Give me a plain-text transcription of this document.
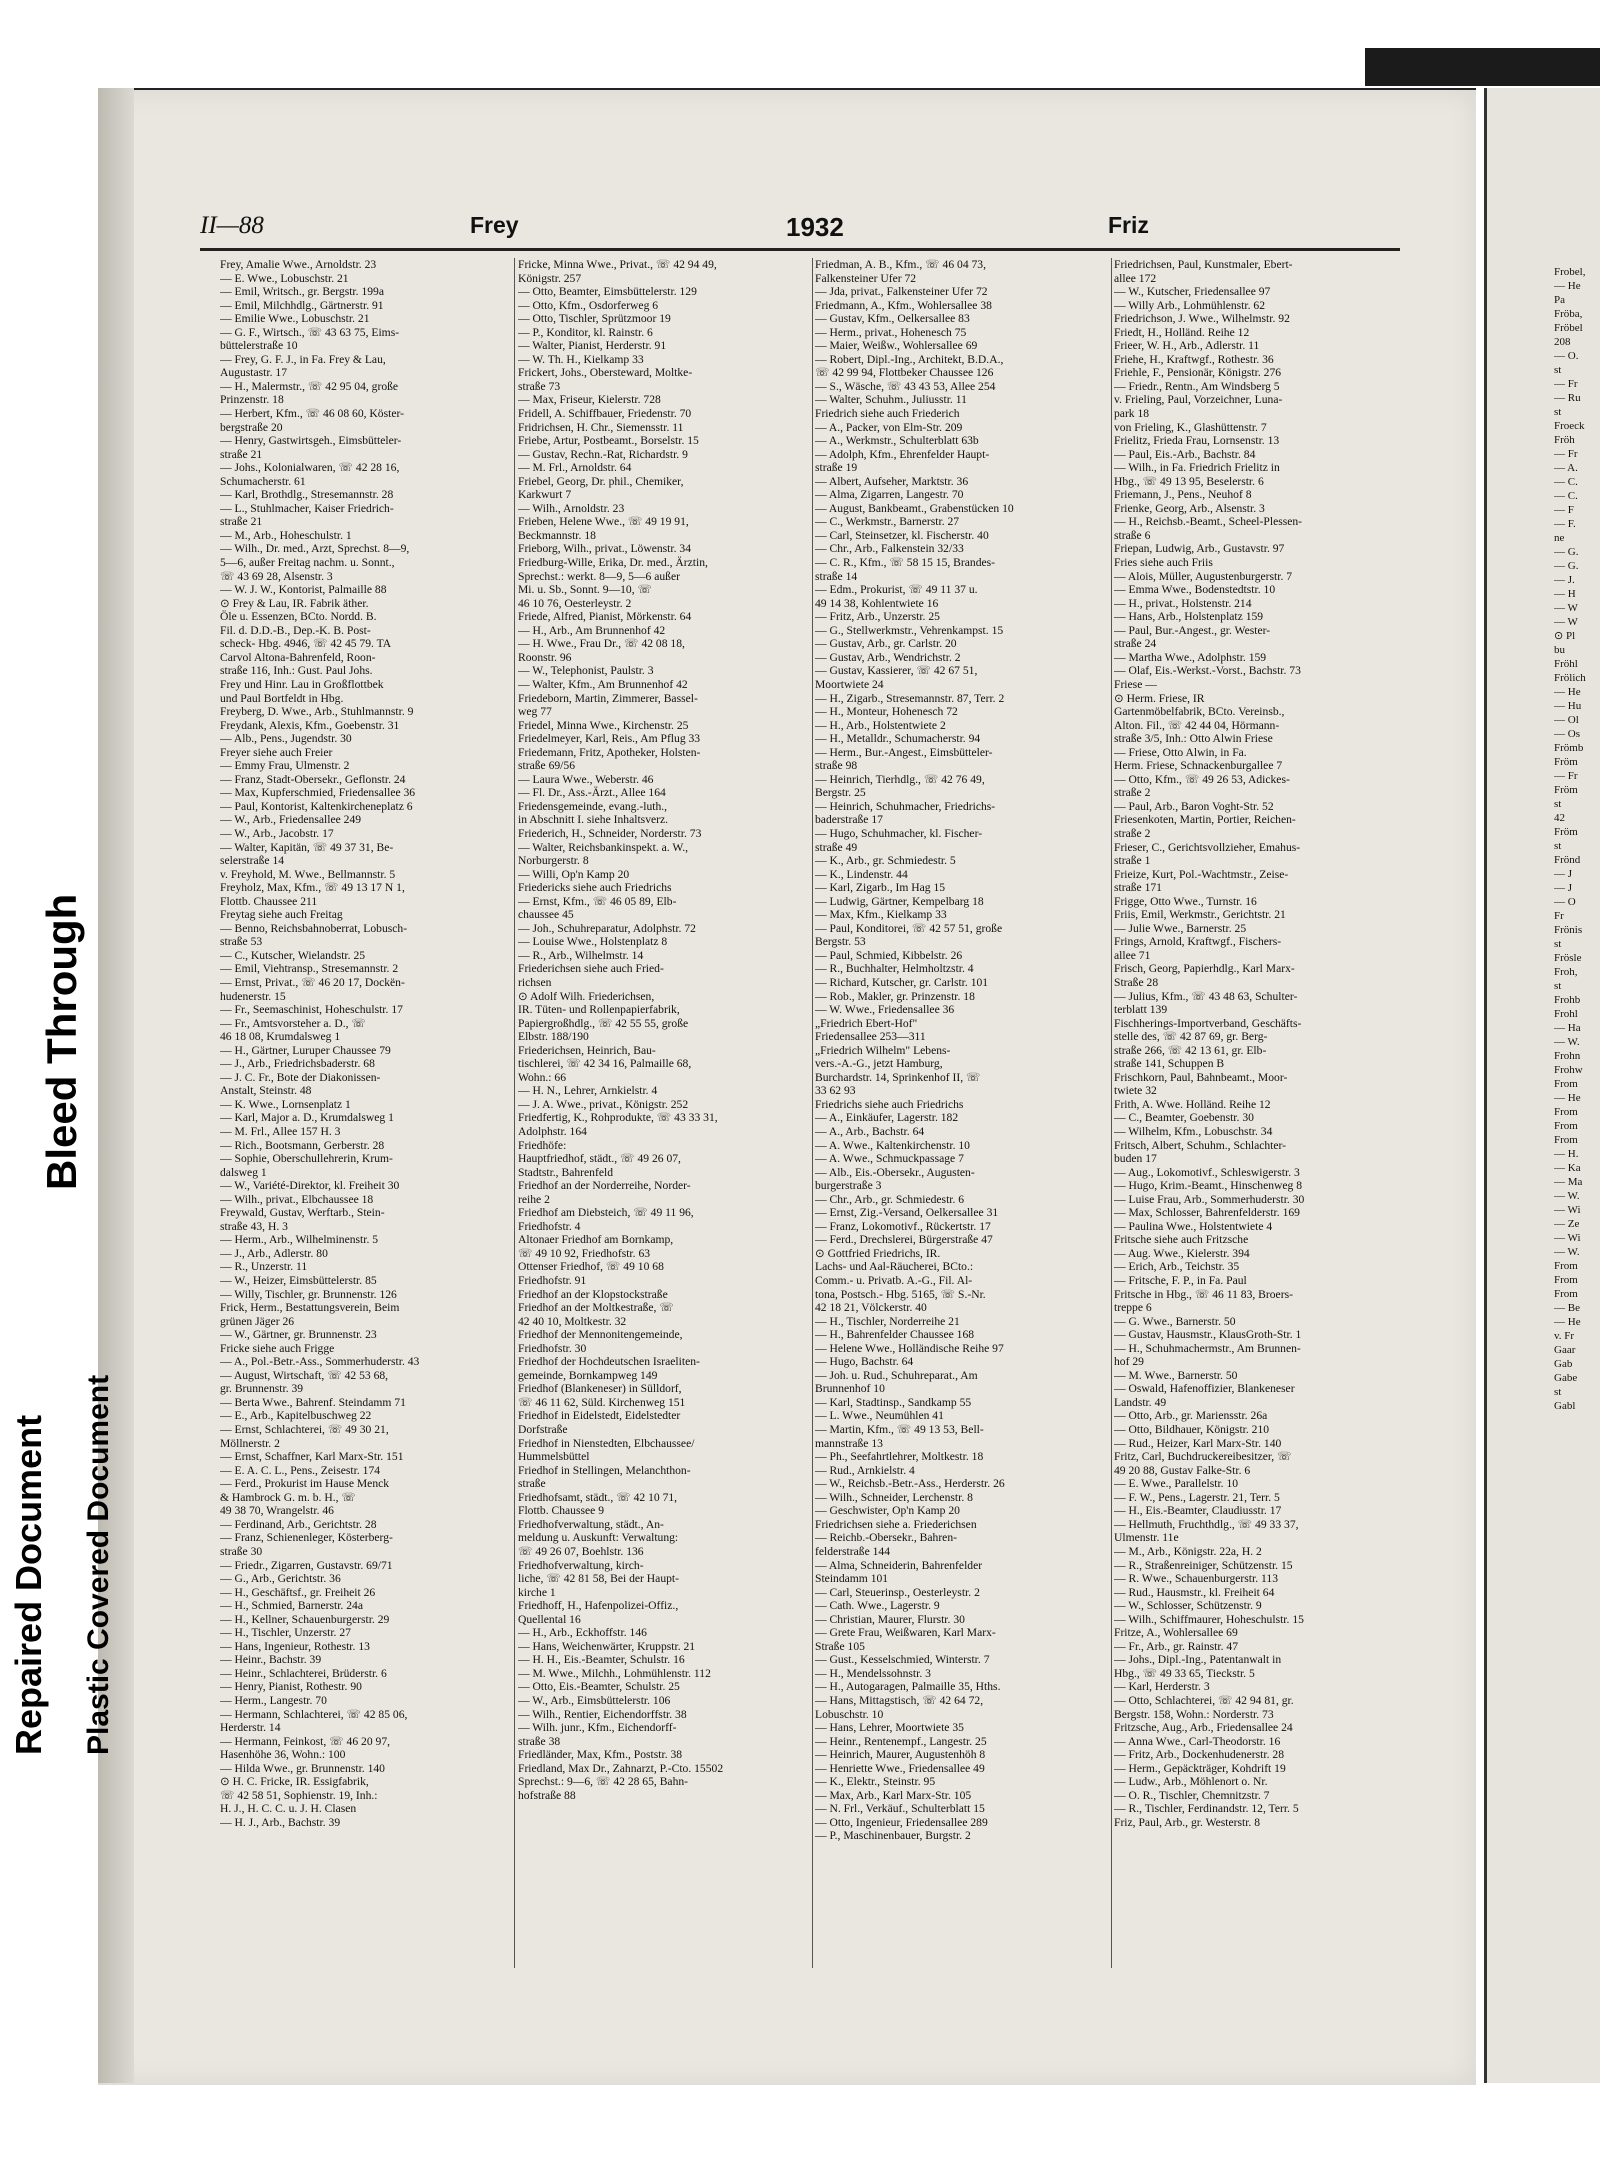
Frobel,
— He
Pa
Fröba,
Fröbel
208
— O.
st
— Fr
— Ru
st
Froeck
Fröh
— Fr
— A.
— C.
— C.
— F
— F.
ne
— G.
— G.
— J.
— H
— W
— W
⊙ Pl
bu
Fröhl
Frölich
— He
— Hu
— Ol
— Os
Frömb
Fröm
— Fr
Fröm
st
42
Fröm
st
Frönd
— J
— J
— O
Fr
Frönis
st
Frösle
Froh,
st
Frohb
Frohl
— Ha
— W.
Frohn
Frohw
From
— He
From
From
From
— H.
— Ka
— Ma
— W.
— Wi
— Ze
— Wi
— W.
From
From
From
— Be
— He
v. Fr
Gaar
Gab
Gabe
st
Gabl
Repaired Document Plastic Covered Document
Bleed Through
II—88	Frey	1932	Friz
Frey, Amalie Wwe., Arnoldstr. 23
— E. Wwe., Lobuschstr. 21
— Emil, Writsch., gr. Bergstr. 199a
— Emil, Milchhdlg., Gärtnerstr. 91
— Emilie Wwe., Lobuschstr. 21
— G. F., Wirtsch., ☏ 43 63 75, Eims-
büttelerstraße 10
— Frey, G. F. J., in Fa. Frey & Lau,
Augustastr. 17
— H., Malermstr., ☏ 42 95 04, große
Prinzenstr. 18
— Herbert, Kfm., ☏ 46 08 60, Köster-
bergstraße 20
— Henry, Gastwirtsgeh., Eimsbütteler-
straße 21
— Johs., Kolonialwaren, ☏ 42 28 16,
Schumacherstr. 61
— Karl, Brothdlg., Stresemannstr. 28
— L., Stuhlmacher, Kaiser Friedrich-
straße 21
— M., Arb., Hoheschulstr. 1
— Wilh., Dr. med., Arzt, Sprechst. 8—9,
5—6, außer Freitag nachm. u. Sonnt.,
☏ 43 69 28, Alsenstr. 3
— W. J. W., Kontorist, Palmaille 88
⊙ Frey & Lau, IR. Fabrik äther.
Öle u. Essenzen, BCto. Nordd. B.
Fil. d. D.D.-B., Dep.-K. B. Post-
scheck- Hbg. 4946, ☏ 42 45 79. TA
Carvol Altona-Bahrenfeld, Roon-
straße 116, Inh.: Gust. Paul Johs.
Frey und Hinr. Lau in Großflottbek
und Paul Bortfeldt in Hbg.
Freyberg, D. Wwe., Arb., Stuhlmannstr. 9
Freydank, Alexis, Kfm., Goebenstr. 31
— Alb., Pens., Jugendstr. 30
Freyer siehe auch Freier
— Emmy Frau, Ulmenstr. 2
— Franz, Stadt-Obersekr., Geflonstr. 24
— Max, Kupferschmied, Friedensallee 36
— Paul, Kontorist, Kaltenkircheneplatz 6
— W., Arb., Friedensallee 249
— W., Arb., Jacobstr. 17
— Walter, Kapitän, ☏ 49 37 31, Be-
selerstraße 14
v. Freyhold, M. Wwe., Bellmannstr. 5
Freyholz, Max, Kfm., ☏ 49 13 17 N 1,
Flottb. Chaussee 211
Freytag siehe auch Freitag
— Benno, Reichsbahnoberrat, Lobusch-
straße 53
— C., Kutscher, Wielandstr. 25
— Emil, Viehtransp., Stresemannstr. 2
— Ernst, Privat., ☏ 46 20 17, Dockën-
hudenerstr. 15
— Fr., Seemaschinist, Hoheschulstr. 17
— Fr., Amtsvorsteher a. D., ☏
46 18 08, Krumdalsweg 1
— H., Gärtner, Luruper Chaussee 79
— J., Arb., Friedrichsbaderstr. 68
— J. C. Fr., Bote der Diakonissen-
Anstalt, Steinstr. 48
— K. Wwe., Lornsenplatz 1
— Karl, Major a. D., Krumdalsweg 1
— M. Frl., Allee 157 H. 3
— Rich., Bootsmann, Gerberstr. 28
— Sophie, Oberschullehrerin, Krum-
dalsweg 1
— W., Variété-Direktor, kl. Freiheit 30
— Wilh., privat., Elbchaussee 18
Freywald, Gustav, Werftarb., Stein-
straße 43, H. 3
— Herm., Arb., Wilhelminenstr. 5
— J., Arb., Adlerstr. 80
— R., Unzerstr. 11
— W., Heizer, Eimsbüttelerstr. 85
— Willy, Tischler, gr. Brunnenstr. 126
Frick, Herm., Bestattungsverein, Beim
grünen Jäger 26
— W., Gärtner, gr. Brunnenstr. 23
Fricke siehe auch Frigge
— A., Pol.-Betr.-Ass., Sommerhuderstr. 43
— August, Wirtschaft, ☏ 42 53 68,
gr. Brunnenstr. 39
— Berta Wwe., Bahrenf. Steindamm 71
— E., Arb., Kapitelbuschweg 22
— Ernst, Schlachterei, ☏ 49 30 21,
Möllnerstr. 2
— Ernst, Schaffner, Karl Marx-Str. 151
— E. A. C. L., Pens., Zeisestr. 174
— Ferd., Prokurist im Hause Menck
& Hambrock G. m. b. H., ☏
49 38 70, Wrangelstr. 46
— Ferdinand, Arb., Gerichtstr. 28
— Franz, Schienenleger, Kösterberg-
straße 30
— Friedr., Zigarren, Gustavstr. 69/71
— G., Arb., Gerichtstr. 36
— H., Geschäftsf., gr. Freiheit 26
— H., Schmied, Barnerstr. 24a
— H., Kellner, Schauenburgerstr. 29
— H., Tischler, Unzerstr. 27
— Hans, Ingenieur, Rothestr. 13
— Heinr., Bachstr. 39
— Heinr., Schlachterei, Brüderstr. 6
— Henry, Pianist, Rothestr. 90
— Herm., Langestr. 70
— Hermann, Schlachterei, ☏ 42 85 06,
Herderstr. 14
— Hermann, Feinkost, ☏ 46 20 97,
Hasenhöhe 36, Wohn.: 100
— Hilda Wwe., gr. Brunnenstr. 140
⊙ H. C. Fricke, IR. Essigfabrik,
☏ 42 58 51, Sophienstr. 19, Inh.:
H. J., H. C. C. u. J. H. Clasen
— H. J., Arb., Bachstr. 39
Fricke, Minna Wwe., Privat., ☏ 42 94 49,
Königstr. 257
— Otto, Beamter, Eimsbüttelerstr. 129
— Otto, Kfm., Osdorferweg 6
— Otto, Tischler, Sprützmoor 19
— P., Konditor, kl. Rainstr. 6
— Walter, Pianist, Herderstr. 91
— W. Th. H., Kielkamp 33
Frickert, Johs., Obersteward, Moltke-
straße 73
— Max, Friseur, Kielerstr. 728
Fridell, A. Schiffbauer, Friedenstr. 70
Fridrichsen, H. Chr., Siemensstr. 11
Friebe, Artur, Postbeamt., Borselstr. 15
— Gustav, Rechn.-Rat, Richardstr. 9
— M. Frl., Arnoldstr. 64
Friebel, Georg, Dr. phil., Chemiker,
Karkwurt 7
— Wilh., Arnoldstr. 23
Frieben, Helene Wwe., ☏ 49 19 91,
Beckmannstr. 18
Frieborg, Wilh., privat., Löwenstr. 34
Friedburg-Wille, Erika, Dr. med., Ärztin,
Sprechst.: werkt. 8—9, 5—6 außer
Mi. u. Sb., Sonnt. 9—10, ☏
46 10 76, Oesterleystr. 2
Friede, Alfred, Pianist, Mörkenstr. 64
— H., Arb., Am Brunnenhof 42
— H. Wwe., Frau Dr., ☏ 42 08 18,
Roonstr. 96
— W., Telephonist, Paulstr. 3
— Walter, Kfm., Am Brunnenhof 42
Friedeborn, Martin, Zimmerer, Bassel-
weg 77
Friedel, Minna Wwe., Kirchenstr. 25
Friedelmeyer, Karl, Reis., Am Pflug 33
Friedemann, Fritz, Apotheker, Holsten-
straße 69/56
— Laura Wwe., Weberstr. 46
— Fl. Dr., Ass.-Ärzt., Allee 164
Friedensgemeinde, evang.-luth.,
in Abschnitt I. siehe Inhaltsverz.
Friederich, H., Schneider, Norderstr. 73
— Walter, Reichsbankinspekt. a. W.,
Norburgerstr. 8
— Willi, Op'n Kamp 20
Friedericks siehe auch Friedrichs
— Ernst, Kfm., ☏ 46 05 89, Elb-
chaussee 45
— Joh., Schuhreparatur, Adolphstr. 72
— Louise Wwe., Holstenplatz 8
— R., Arb., Wilhelmstr. 14
Friederichsen siehe auch Fried-
richsen
⊙ Adolf Wilh. Friederichsen,
IR. Tüten- und Rollenpapierfabrik,
Papiergroßhdlg., ☏ 42 55 55, große
Elbstr. 188/190
Friederichsen, Heinrich, Bau-
tischlerei, ☏ 42 34 16, Palmaille 68,
Wohn.: 66
— H. N., Lehrer, Arnkielstr. 4
— J. A. Wwe., privat., Königstr. 252
Friedfertig, K., Rohprodukte, ☏ 43 33 31,
Adolphstr. 164
Friedhöfe:
Hauptfriedhof, städt., ☏ 49 26 07,
Stadtstr., Bahrenfeld
Friedhof an der Norderreihe, Norder-
reihe 2
Friedhof am Diebsteich, ☏ 49 11 96,
Friedhofstr. 4
Altonaer Friedhof am Bornkamp,
☏ 49 10 92, Friedhofstr. 63
Ottenser Friedhof, ☏ 49 10 68
Friedhofstr. 91
Friedhof an der Klopstockstraße
Friedhof an der Moltkestraße, ☏
42 40 10, Moltkestr. 32
Friedhof der Mennonitengemeinde,
Friedhofstr. 30
Friedhof der Hochdeutschen Israeliten-
gemeinde, Bornkampweg 149
Friedhof (Blankeneser) in Sülldorf,
☏ 46 11 62, Süld. Kirchenweg 151
Friedhof in Eidelstedt, Eidelstedter
Dorfstraße
Friedhof in Nienstedten, Elbchaussee/
Hummelsbüttel
Friedhof in Stellingen, Melanchthon-
straße
Friedhofsamt, städt., ☏ 42 10 71,
Flottb. Chaussee 9
Friedhofverwaltung, städt., An-
meldung u. Auskunft: Verwaltung:
☏ 49 26 07, Boehlstr. 136
Friedhofverwaltung, kirch-
liche, ☏ 42 81 58, Bei der Haupt-
kirche 1
Friedhoff, H., Hafenpolizei-Offiz.,
Quellental 16
— H., Arb., Eckhoffstr. 146
— Hans, Weichenwärter, Kruppstr. 21
— H. H., Eis.-Beamter, Schulstr. 16
— M. Wwe., Milchh., Lohmühlenstr. 112
— Otto, Eis.-Beamter, Schulstr. 25
— W., Arb., Eimsbüttelerstr. 106
— Wilh., Rentier, Eichendorffstr. 38
— Wilh. junr., Kfm., Eichendorff-
straße 38
Friedländer, Max, Kfm., Poststr. 38
Friedland, Max Dr., Zahnarzt, P.-Cto. 15502
Sprechst.: 9—6, ☏ 42 28 65, Bahn-
hofstraße 88
Friedman, A. B., Kfm., ☏ 46 04 73,
Falkensteiner Ufer 72
— Jda, privat., Falkensteiner Ufer 72
Friedmann, A., Kfm., Wohlersallee 38
— Gustav, Kfm., Oelkersallee 83
— Herm., privat., Hohenesch 75
— Maier, Weißw., Wohlersallee 69
— Robert, Dipl.-Ing., Architekt, B.D.A.,
☏ 42 99 94, Flottbeker Chaussee 126
— S., Wäsche, ☏ 43 43 53, Allee 254
— Walter, Schuhm., Juliusstr. 11
Friedrich siehe auch Friederich
— A., Packer, von Elm-Str. 209
— A., Werkmstr., Schulterblatt 63b
— Adolph, Kfm., Ehrenfelder Haupt-
straße 19
— Albert, Aufseher, Marktstr. 36
— Alma, Zigarren, Langestr. 70
— August, Bankbeamt., Grabenstücken 10
— C., Werkmstr., Barnerstr. 27
— Carl, Steinsetzer, kl. Fischerstr. 40
— Chr., Arb., Falkenstein 32/33
— C. R., Kfm., ☏ 58 15 15, Brandes-
straße 14
— Edm., Prokurist, ☏ 49 11 37 u.
49 14 38, Kohlentwiete 16
— Fritz, Arb., Unzerstr. 25
— G., Stellwerkmstr., Vehrenkampst. 15
— Gustav, Arb., gr. Carlstr. 20
— Gustav, Arb., Wendrichstr. 2
— Gustav, Kassierer, ☏ 42 67 51,
Moortwiete 24
— H., Zigarb., Stresemannstr. 87, Terr. 2
— H., Monteur, Hohenesch 72
— H., Arb., Holstentwiete 2
— H., Metalldr., Schumacherstr. 94
— Herm., Bur.-Angest., Eimsbütteler-
straße 98
— Heinrich, Tierhdlg., ☏ 42 76 49,
Bergstr. 25
— Heinrich, Schuhmacher, Friedrichs-
baderstraße 17
— Hugo, Schuhmacher, kl. Fischer-
straße 49
— K., Arb., gr. Schmiedestr. 5
— K., Lindenstr. 44
— Karl, Zigarb., Im Hag 15
— Ludwig, Gärtner, Kempelbarg 18
— Max, Kfm., Kielkamp 33
— Paul, Konditorei, ☏ 42 57 51, große
Bergstr. 53
— Paul, Schmied, Kibbelstr. 26
— R., Buchhalter, Helmholtzstr. 4
— Richard, Kutscher, gr. Carlstr. 101
— Rob., Makler, gr. Prinzenstr. 18
— W. Wwe., Friedensallee 36
„Friedrich Ebert-Hof"
Friedensallee 253—311
„Friedrich Wilhelm" Lebens-
vers.-A.-G., jetzt Hamburg,
Burchardstr. 14, Sprinkenhof II, ☏
33 62 93
Friedrichs siehe auch Friedrichs
— A., Einkäufer, Lagerstr. 182
— A., Arb., Bachstr. 64
— A. Wwe., Kaltenkirchenstr. 10
— A. Wwe., Schmuckpassage 7
— Alb., Eis.-Obersekr., Augusten-
burgerstraße 3
— Chr., Arb., gr. Schmiedestr. 6
— Ernst, Zig.-Versand, Oelkersallee 31
— Franz, Lokomotivf., Rückertstr. 17
— Ferd., Drechslerei, Bürgerstraße 47
⊙ Gottfried Friedrichs, IR.
Lachs- und Aal-Räucherei, BCto.:
Comm.- u. Privatb. A.-G., Fil. Al-
tona, Postsch.- Hbg. 5165, ☏ S.-Nr.
42 18 21, Völckerstr. 40
— H., Tischler, Norderreihe 21
— H., Bahrenfelder Chaussee 168
— Helene Wwe., Holländische Reihe 97
— Hugo, Bachstr. 64
— Joh. u. Rud., Schuhreparat., Am
Brunnenhof 10
— Karl, Stadtinsp., Sandkamp 55
— L. Wwe., Neumühlen 41
— Martin, Kfm., ☏ 49 13 53, Bell-
mannstraße 13
— Ph., Seefahrtlehrer, Moltkestr. 18
— Rud., Arnkielstr. 4
— W., Reichsb.-Betr.-Ass., Herderstr. 26
— Wilh., Schneider, Lerchenstr. 8
— Geschwister, Op'n Kamp 20
Friedrichsen siehe a. Friederichsen
— Reichb.-Obersekr., Bahren-
felderstraße 144
— Alma, Schneiderin, Bahrenfelder
Steindamm 101
— Carl, Steuerinsp., Oesterleystr. 2
— Cath. Wwe., Lagerstr. 9
— Christian, Maurer, Flurstr. 30
— Grete Frau, Weißwaren, Karl Marx-
Straße 105
— Gust., Kesselschmied, Winterstr. 7
— H., Mendelssohnstr. 3
— H., Autogaragen, Palmaille 35, Hths.
— Hans, Mittagstisch, ☏ 42 64 72,
Lobuschstr. 10
— Hans, Lehrer, Moortwiete 35
— Heinr., Rentenempf., Langestr. 25
— Heinrich, Maurer, Augustenhöh 8
— Henriette Wwe., Friedensallee 49
— K., Elektr., Steinstr. 95
— Max, Arb., Karl Marx-Str. 105
— N. Frl., Verkäuf., Schulterblatt 15
— Otto, Ingenieur, Friedensallee 289
— P., Maschinenbauer, Burgstr. 2
Friedrichsen, Paul, Kunstmaler, Ebert-
allee 172
— W., Kutscher, Friedensallee 97
— Willy Arb., Lohmühlenstr. 62
Friedrichson, J. Wwe., Wilhelmstr. 92
Friedt, H., Holländ. Reihe 12
Frieer, W. H., Arb., Adlerstr. 11
Friehe, H., Kraftwgf., Rothestr. 36
Friehle, F., Pensionär, Königstr. 276
— Friedr., Rentn., Am Windsberg 5
v. Frieling, Paul, Vorzeichner, Luna-
park 18
von Frieling, K., Glashüttenstr. 7
Frielitz, Frieda Frau, Lornsenstr. 13
— Paul, Eis.-Arb., Bachstr. 84
— Wilh., in Fa. Friedrich Frielitz in
Hbg., ☏ 49 13 95, Beselerstr. 6
Friemann, J., Pens., Neuhof 8
Frienke, Georg, Arb., Alsenstr. 3
— H., Reichsb.-Beamt., Scheel-Plessen-
straße 6
Friepan, Ludwig, Arb., Gustavstr. 97
Fries siehe auch Friis
— Alois, Müller, Augustenburgerstr. 7
— Emma Wwe., Bodenstedtstr. 10
— H., privat., Holstenstr. 214
— Hans, Arb., Holstenplatz 159
— Paul, Bur.-Angest., gr. Wester-
straße 24
— Martha Wwe., Adolphstr. 159
— Olaf, Eis.-Werkst.-Vorst., Bachstr. 73
Friese —
⊙ Herm. Friese, IR
Gartenmöbelfabrik, BCto. Vereinsb.,
Alton. Fil., ☏ 42 44 04, Hörmann-
straße 3/5, Inh.: Otto Alwin Friese
— Friese, Otto Alwin, in Fa.
Herm. Friese, Schnackenburgallee 7
— Otto, Kfm., ☏ 49 26 53, Adickes-
straße 2
— Paul, Arb., Baron Voght-Str. 52
Friesenkoten, Martin, Portier, Reichen-
straße 2
Frieser, C., Gerichtsvollzieher, Emahus-
straße 1
Frieize, Kurt, Pol.-Wachtmstr., Zeise-
straße 171
Frigge, Otto Wwe., Turnstr. 16
Friis, Emil, Werkmstr., Gerichtstr. 21
— Julie Wwe., Barnerstr. 25
Frings, Arnold, Kraftwgf., Fischers-
allee 71
Frisch, Georg, Papierhdlg., Karl Marx-
Straße 28
— Julius, Kfm., ☏ 43 48 63, Schulter-
terblatt 139
Fischherings-Importverband, Geschäfts-
stelle des, ☏ 42 87 69, gr. Berg-
straße 266, ☏ 42 13 61, gr. Elb-
straße 141, Schuppen B
Frischkorn, Paul, Bahnbeamt., Moor-
twiete 32
Frith, A. Wwe. Holländ. Reihe 12
— C., Beamter, Goebenstr. 30
— Wilhelm, Kfm., Lobuschstr. 34
Fritsch, Albert, Schuhm., Schlachter-
buden 17
— Aug., Lokomotivf., Schleswigerstr. 3
— Hugo, Krim.-Beamt., Hinschenweg 8
— Luise Frau, Arb., Sommerhuderstr. 30
— Max, Schlosser, Bahrenfelderstr. 169
— Paulina Wwe., Holstentwiete 4
Fritsche siehe auch Fritzsche
— Aug. Wwe., Kielerstr. 394
— Erich, Arb., Teichstr. 35
— Fritsche, F. P., in Fa. Paul
Fritsche in Hbg., ☏ 46 11 83, Broers-
treppe 6
— G. Wwe., Barnerstr. 50
— Gustav, Hausmstr., KlausGroth-Str. 1
— H., Schuhmachermstr., Am Brunnen-
hof 29
— M. Wwe., Barnerstr. 50
— Oswald, Hafenoffizier, Blankeneser
Landstr. 49
— Otto, Arb., gr. Mariensstr. 26a
— Otto, Bildhauer, Königstr. 210
— Rud., Heizer, Karl Marx-Str. 140
Fritz, Carl, Buchdruckereibesitzer, ☏
49 20 88, Gustav Falke-Str. 6
— E. Wwe., Parallelstr. 10
— F. W., Pens., Lagerstr. 21, Terr. 5
— H., Eis.-Beamter, Claudiusstr. 17
— Hellmuth, Fruchthdlg., ☏ 49 33 37,
Ulmenstr. 11e
— M., Arb., Königstr. 22a, H. 2
— R., Straßenreiniger, Schützenstr. 15
— R. Wwe., Schauenburgerstr. 113
— Rud., Hausmstr., kl. Freiheit 64
— W., Schlosser, Schützenstr. 9
— Wilh., Schiffmaurer, Hoheschulstr. 15
Fritze, A., Wohlersallee 69
— Fr., Arb., gr. Rainstr. 47
— Johs., Dipl.-Ing., Patentanwalt in
Hbg., ☏ 49 33 65, Tieckstr. 5
— Karl, Herderstr. 3
— Otto, Schlachterei, ☏ 42 94 81, gr.
Bergstr. 158, Wohn.: Norderstr. 73
Fritzsche, Aug., Arb., Friedensallee 24
— Anna Wwe., Carl-Theodorstr. 16
— Fritz, Arb., Dockenhudenerstr. 28
— Herm., Gepäckträger, Kohdrift 19
— Ludw., Arb., Möhlenort o. Nr.
— O. R., Tischler, Chemnitzstr. 7
— R., Tischler, Ferdinandstr. 12, Terr. 5
Friz, Paul, Arb., gr. Westerstr. 8
